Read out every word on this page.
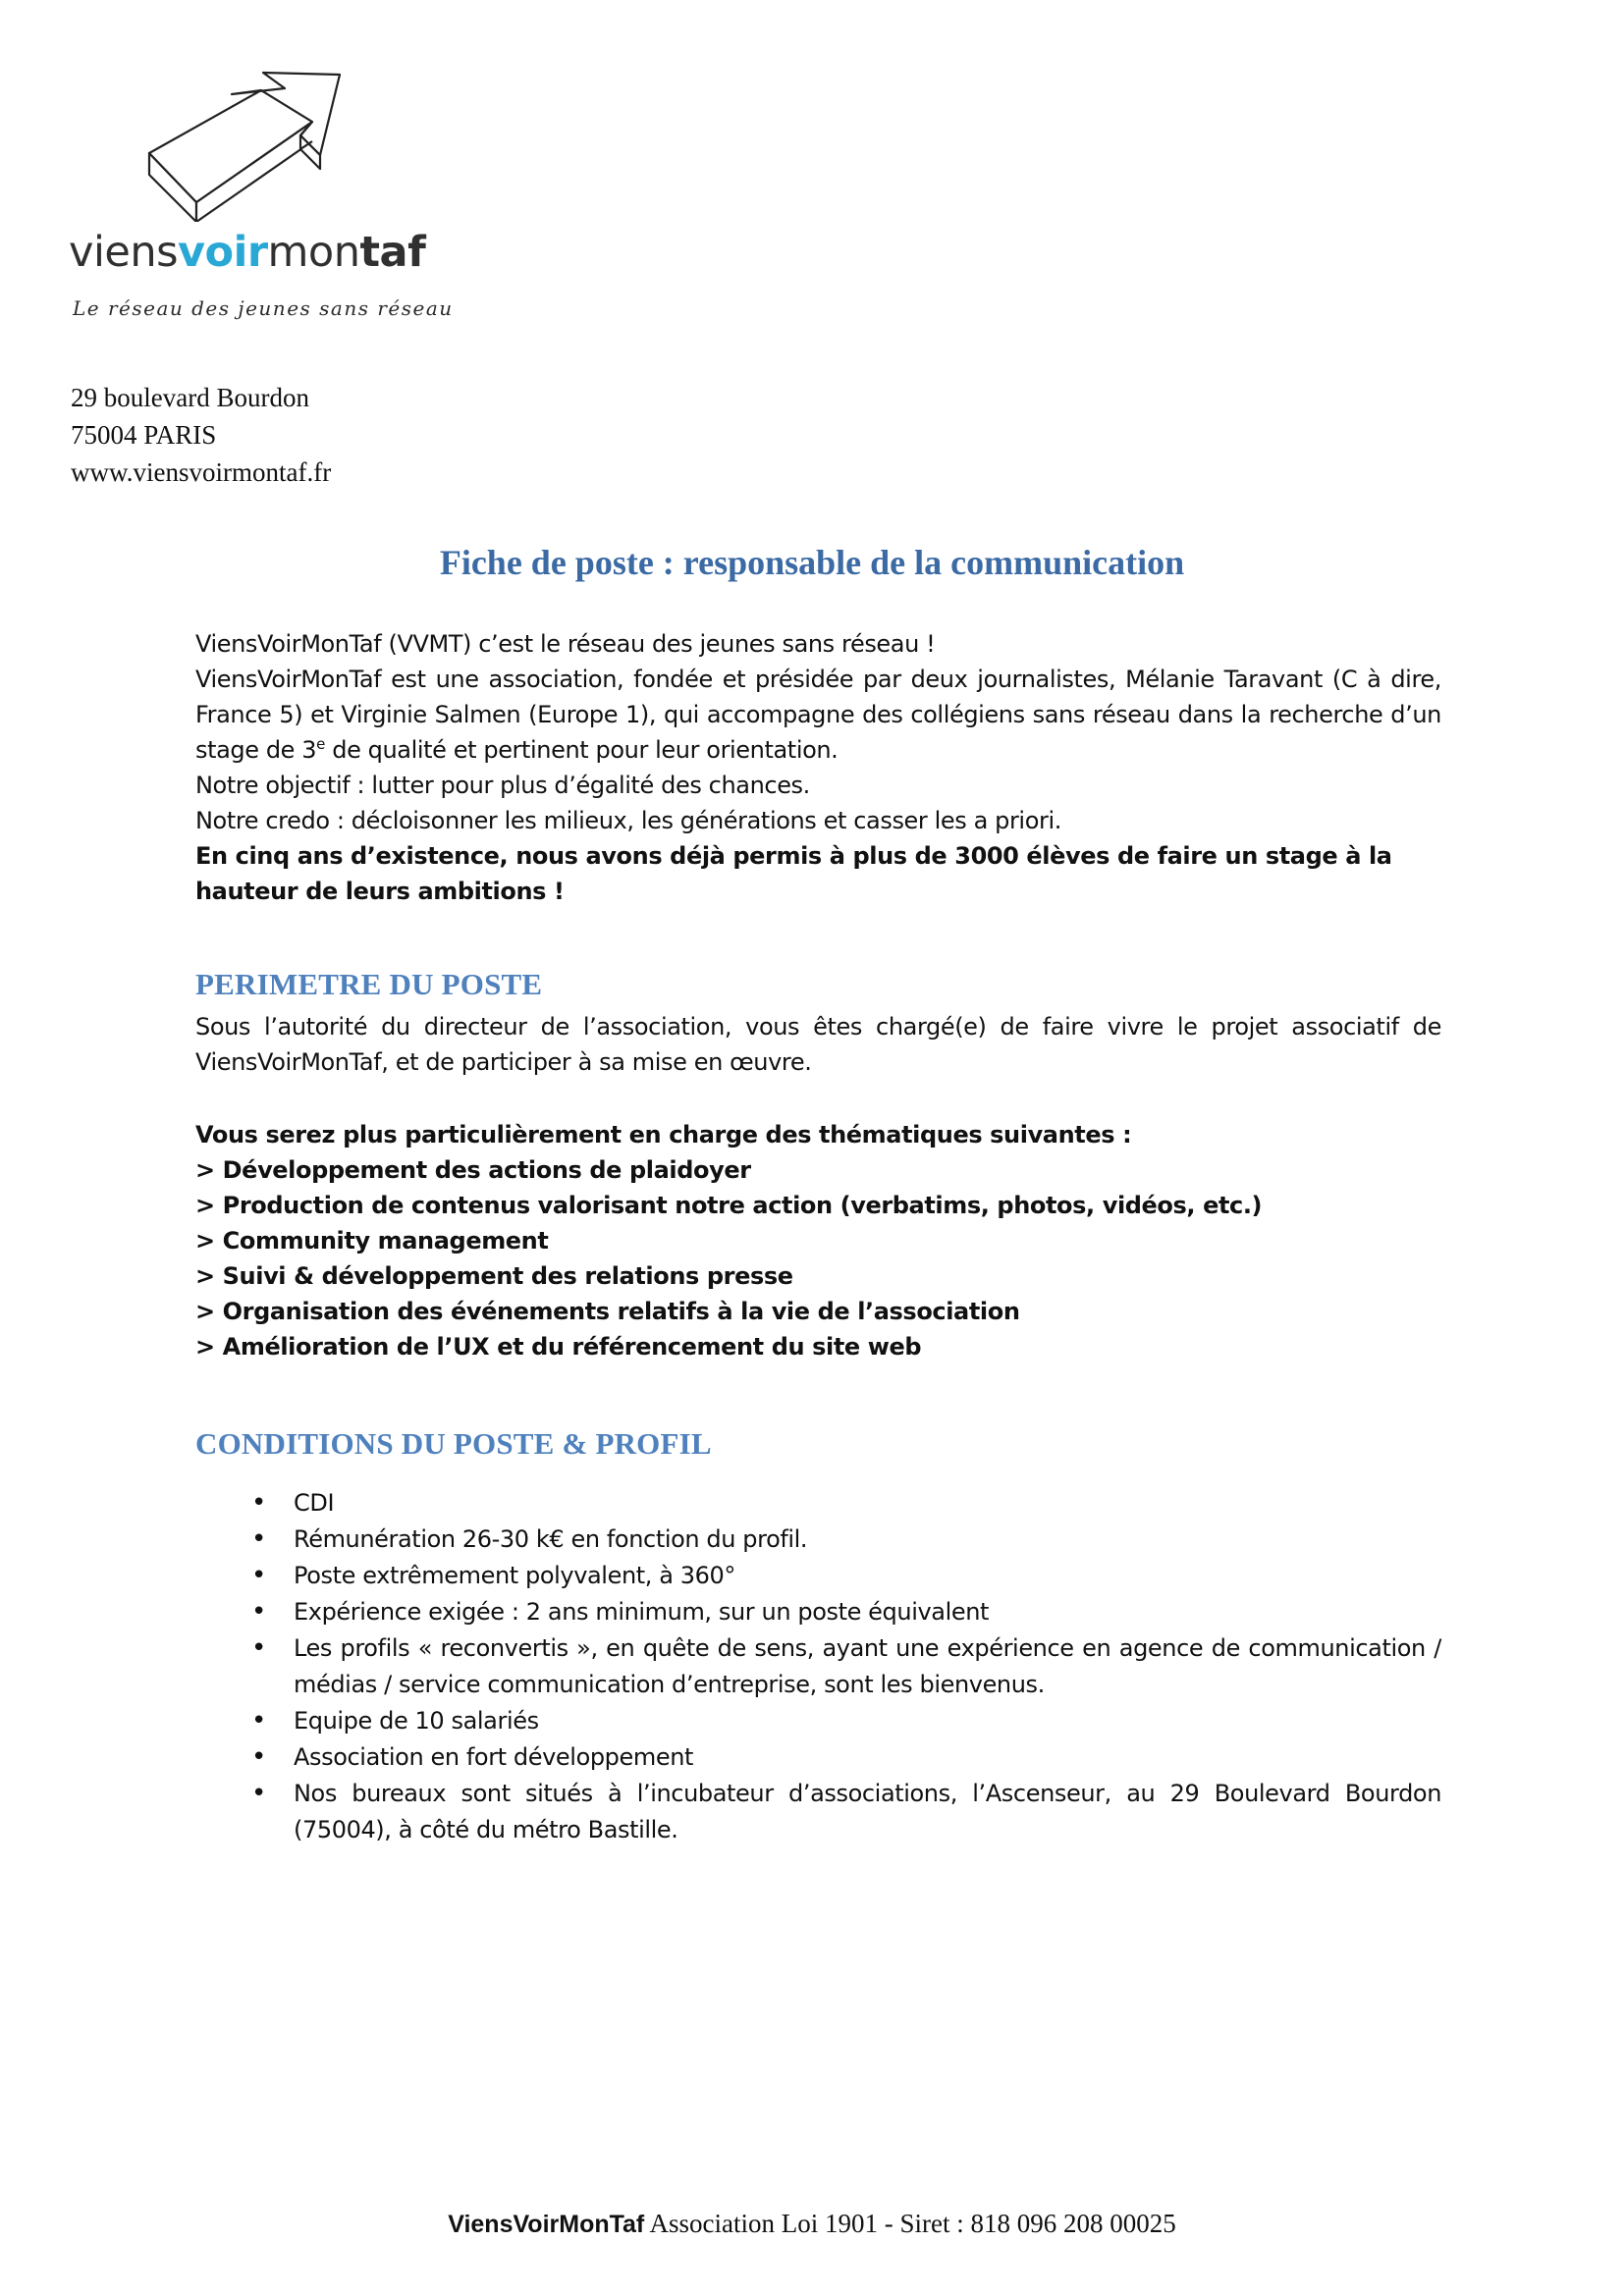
viensvoirmontaf
Le réseau des jeunes sans réseau
29 boulevard Bourdon
75004 PARIS
www.viensvoirmontaf.fr
Fiche de poste : responsable de la communication

ViensVoirMonTaf (VVMT) c’est le réseau des jeunes sans réseau !

ViensVoirMonTaf est une association, fondée et présidée par deux journalistes, Mélanie Taravant (C à dire, France 5) et Virginie Salmen (Europe 1), qui accompagne des collégiens sans réseau dans la recherche d’un stage de 3e de qualité et pertinent pour leur orientation.

Notre objectif : lutter pour plus d’égalité des chances.

Notre credo : décloisonner les milieux, les générations et casser les a priori.

En cinq ans d’existence, nous avons déjà permis à plus de 3000 élèves de faire un stage à la hauteur de leurs ambitions !

PERIMETRE DU POSTE
Sous l’autorité du directeur de l’association, vous êtes chargé(e) de faire vivre le projet associatif de ViensVoirMonTaf, et de participer à sa mise en œuvre.

Vous serez plus particulièrement en charge des thématiques suivantes :

> Développement des actions de plaidoyer

> Production de contenus valorisant notre action (verbatims, photos, vidéos, etc.)

> Community management

> Suivi & développement des relations presse

> Organisation des événements relatifs à la vie de l’association

> Amélioration de l’UX et du référencement du site web

CONDITIONS DU POSTE & PROFIL
• CDI
• Rémunération 26-30 k€ en fonction du profil.
• Poste extrêmement polyvalent, à 360°
• Expérience exigée : 2 ans minimum, sur un poste équivalent
• Les profils « reconvertis », en quête de sens, ayant une expérience en agence de communication / médias / service communication d’entreprise, sont les bienvenus.
• Equipe de 10 salariés
• Association en fort développement
• Nos bureaux sont situés à l’incubateur d’associations, l’Ascenseur, au 29 Boulevard Bourdon (75004), à côté du métro Bastille.
ViensVoirMonTaf Association Loi 1901 - Siret : 818 096 208 00025
